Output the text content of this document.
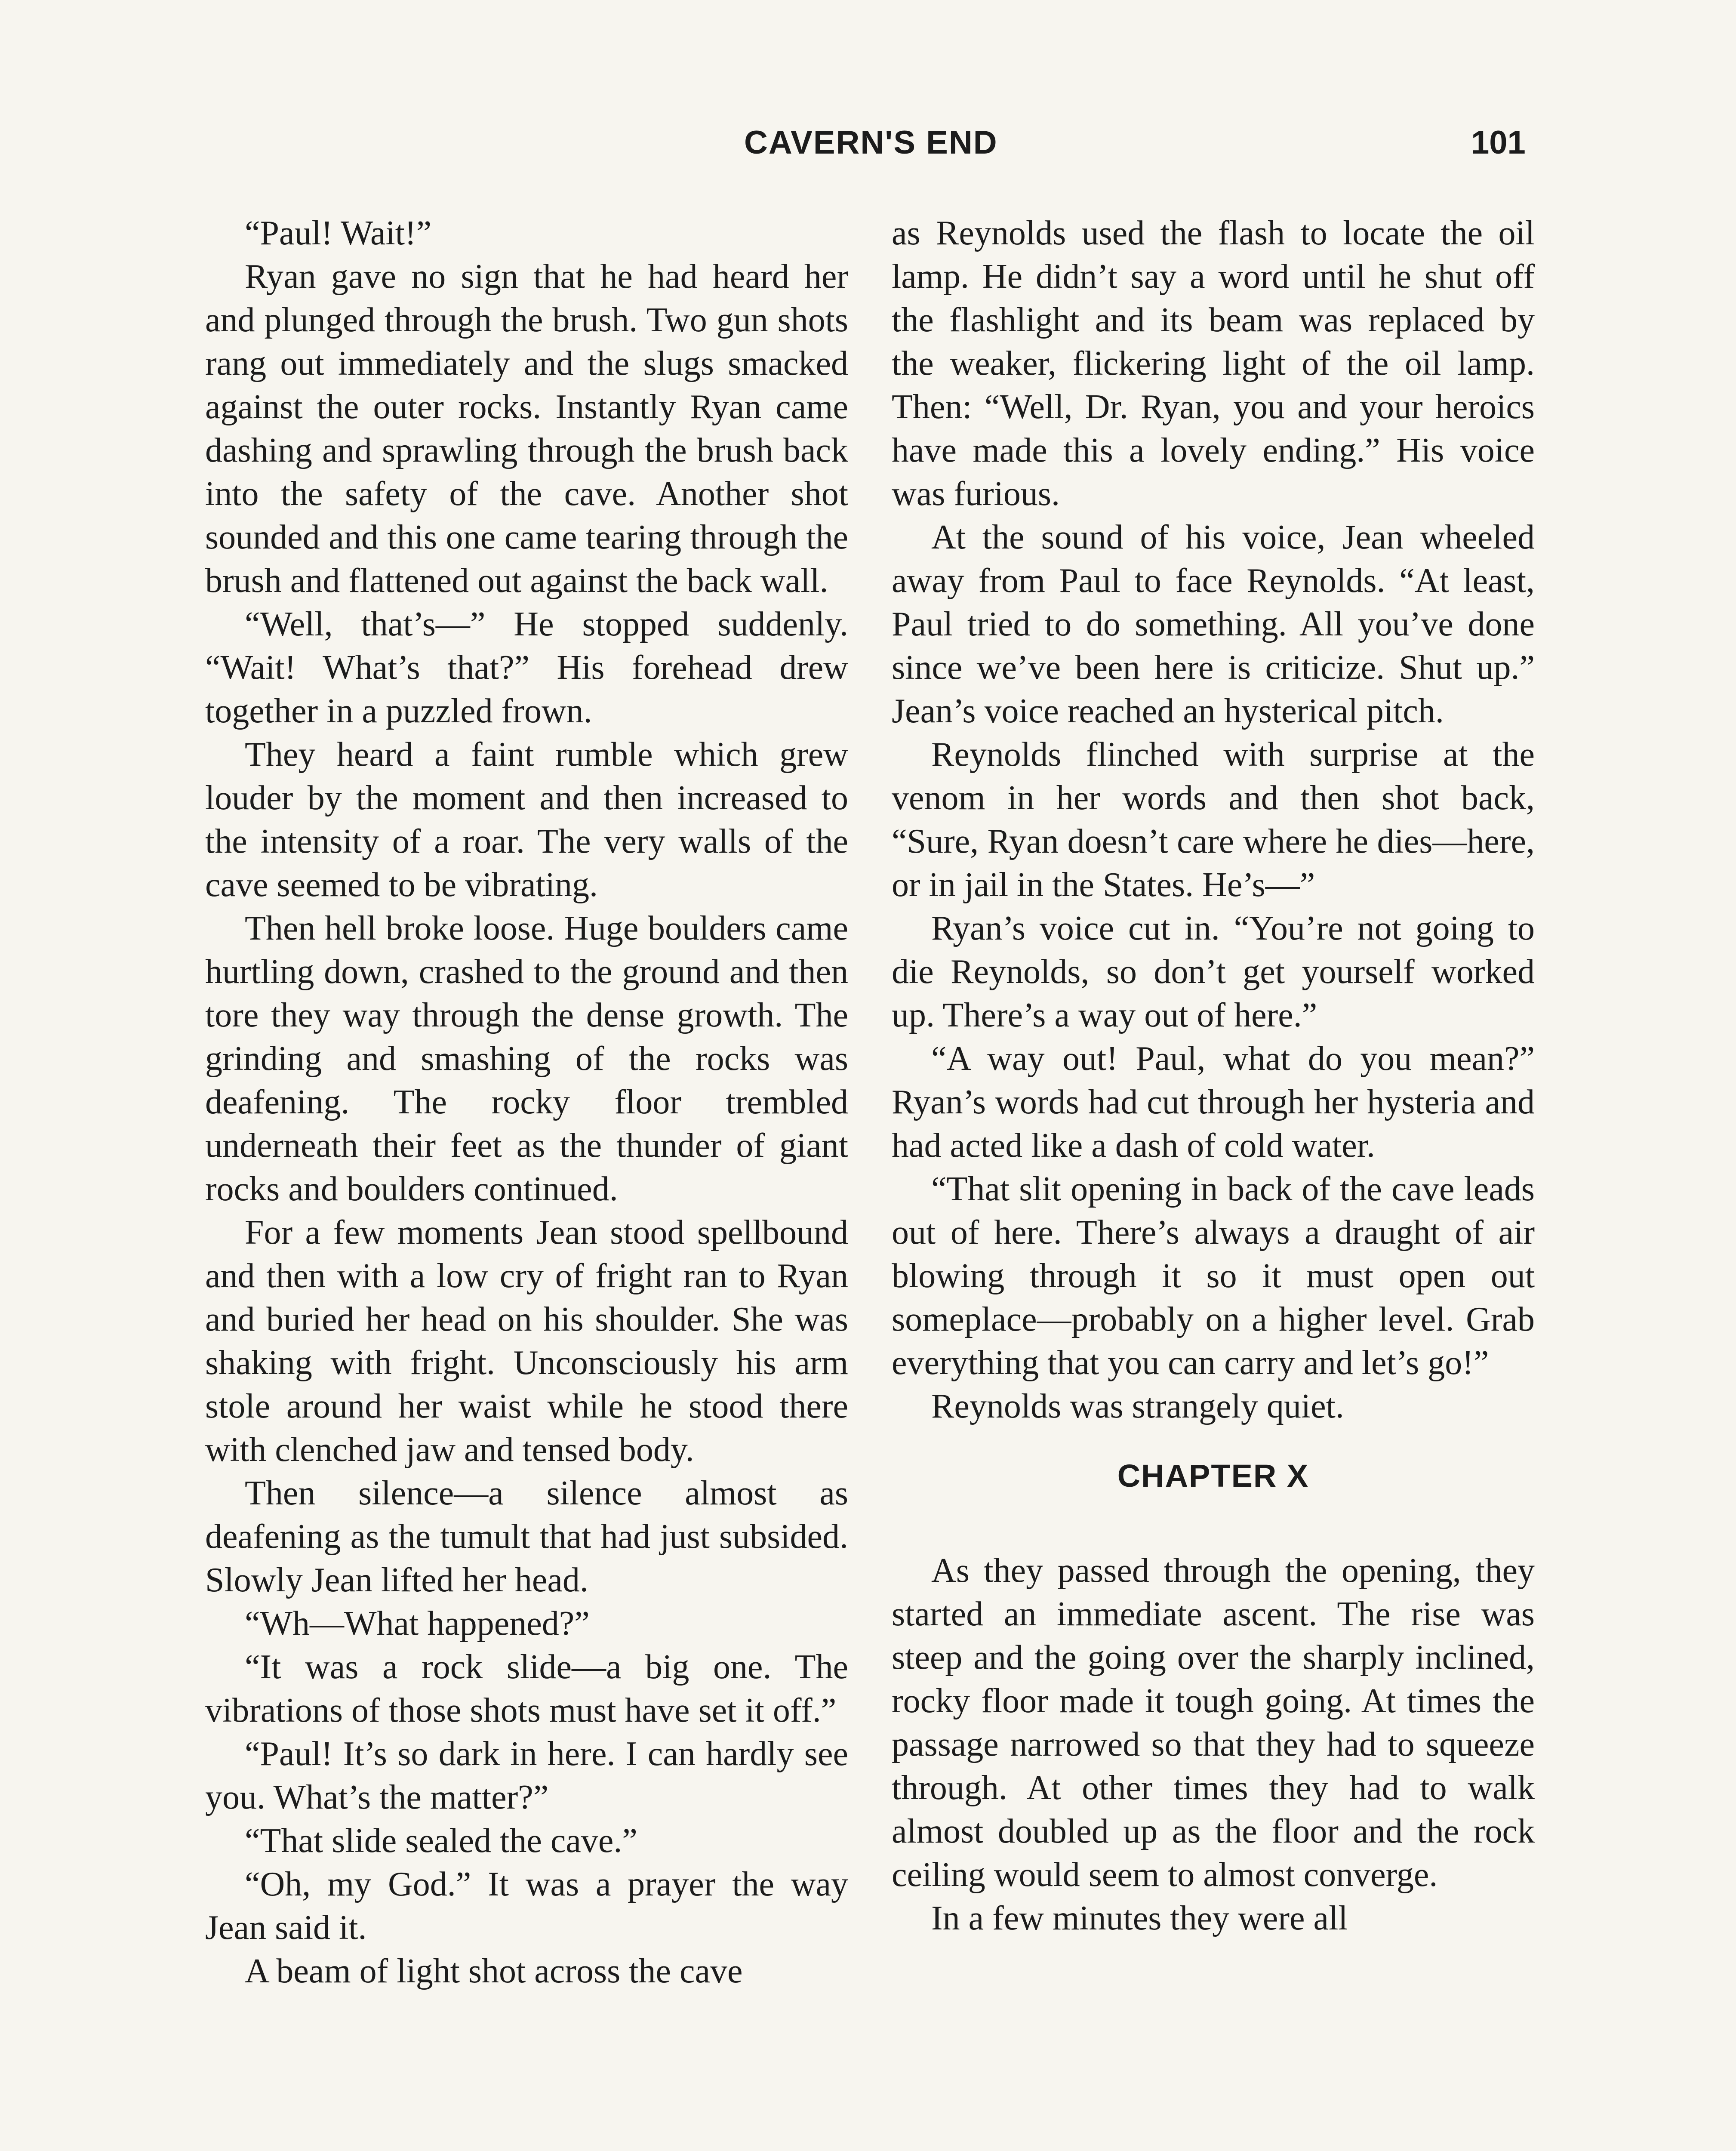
CAVERN'S END	101

“Paul! Wait!”

Ryan gave no sign that he had heard her and plunged through the brush. Two gun shots rang out immediately and the slugs smacked against the outer rocks. Instantly Ryan came dashing and sprawling through the brush back into the safety of the cave. Another shot sounded and this one came tearing through the brush and flattened out against the back wall.

“Well, that’s—” He stopped suddenly. “Wait! What’s that?” His forehead drew together in a puzzled frown.

They heard a faint rumble which grew louder by the moment and then increased to the intensity of a roar. The very walls of the cave seemed to be vibrating.

Then hell broke loose. Huge boulders came hurtling down, crashed to the ground and then tore they way through the dense growth. The grinding and smashing of the rocks was deafening. The rocky floor trembled underneath their feet as the thunder of giant rocks and boulders continued.

For a few moments Jean stood spellbound and then with a low cry of fright ran to Ryan and buried her head on his shoulder. She was shaking with fright. Unconsciously his arm stole around her waist while he stood there with clenched jaw and tensed body.

Then silence—a silence almost as deafening as the tumult that had just subsided. Slowly Jean lifted her head.

“Wh—What happened?”

“It was a rock slide—a big one. The vibrations of those shots must have set it off.”

“Paul! It’s so dark in here. I can hardly see you. What’s the matter?”

“That slide sealed the cave.”

“Oh, my God.” It was a prayer the way Jean said it.

A beam of light shot across the cave

as Reynolds used the flash to locate the oil lamp. He didn’t say a word until he shut off the flashlight and its beam was replaced by the weaker, flickering light of the oil lamp. Then: “Well, Dr. Ryan, you and your heroics have made this a lovely ending.” His voice was furious.

At the sound of his voice, Jean wheeled away from Paul to face Reynolds. “At least, Paul tried to do something. All you’ve done since we’ve been here is criticize. Shut up.” Jean’s voice reached an hysterical pitch.

Reynolds flinched with surprise at the venom in her words and then shot back, “Sure, Ryan doesn’t care where he dies—here, or in jail in the States. He’s—”

Ryan’s voice cut in. “You’re not going to die Reynolds, so don’t get yourself worked up. There’s a way out of here.”

“A way out! Paul, what do you mean?” Ryan’s words had cut through her hysteria and had acted like a dash of cold water.

“That slit opening in back of the cave leads out of here. There’s always a draught of air blowing through it so it must open out someplace—probably on a higher level. Grab everything that you can carry and let’s go!”

Reynolds was strangely quiet.

CHAPTER X

As they passed through the opening, they started an immediate ascent. The rise was steep and the going over the sharply inclined, rocky floor made it tough going. At times the passage narrowed so that they had to squeeze through. At other times they had to walk almost doubled up as the floor and the rock ceiling would seem to almost converge.

In a few minutes they were all
